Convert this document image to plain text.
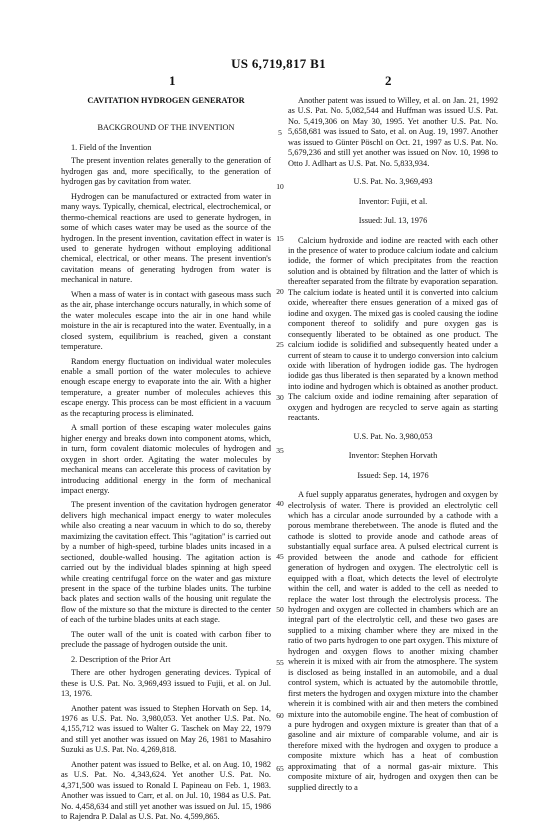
US 6,719,817 B1
1	2
CAVITATION HYDROGEN GENERATOR
BACKGROUND OF THE INVENTION
1. Field of the Invention

The present invention relates generally to the generation of hydrogen gas and, more specifically, to the generation of hydrogen gas by cavitation from water.

Hydrogen can be manufactured or extracted from water in many ways. Typically, chemical, electrical, electrochemical, or thermo-chemical reactions are used to generate hydrogen, in some of which cases water may be used as the source of the hydrogen. In the present invention, cavitation effect in water is used to generate hydrogen without employing additional chemical, electrical, or other means. The present invention's cavitation means of generating hydrogen from water is mechanical in nature.

When a mass of water is in contact with gaseous mass such as the air, phase interchange occurs naturally, in which some of the water molecules escape into the air in one hand while moisture in the air is recaptured into the water. Eventually, in a closed system, equilibrium is reached, given a constant temperature.

Random energy fluctuation on individual water molecules enable a small portion of the water molecules to achieve enough escape energy to evaporate into the air. With a higher temperature, a greater number of molecules achieves this escape energy. This process can be most efficient in a vacuum as the recapturing process is eliminated.

A small portion of these escaping water molecules gains higher energy and breaks down into component atoms, which, in turn, form covalent diatomic molecules of hydrogen and oxygen in short order. Agitating the water molecules by mechanical means can accelerate this process of cavitation by introducing additional energy in the form of mechanical impact energy.

The present invention of the cavitation hydrogen generator delivers high mechanical impact energy to water molecules while also creating a near vacuum in which to do so, thereby maximizing the cavitation effect. This "agitation" is carried out by a number of high-speed, turbine blades units incased in a sectioned, double-walled housing. The agitation action is carried out by the individual blades spinning at high speed while creating centrifugal force on the water and gas mixture present in the space of the turbine blades units. The turbine back plates and section walls of the housing unit regulate the flow of the mixture so that the mixture is directed to the center of each of the turbine blades units at each stage.

The outer wall of the unit is coated with carbon fiber to preclude the passage of hydrogen outside the unit.

2. Description of the Prior Art

There are other hydrogen generating devices. Typical of these is U.S. Pat. No. 3,969,493 issued to Fujii, et al. on Jul. 13, 1976.

Another patent was issued to Stephen Horvath on Sep. 14, 1976 as U.S. Pat. No. 3,980,053. Yet another U.S. Pat. No. 4,155,712 was issued to Walter G. Taschek on May 22, 1979 and still yet another was issued on May 26, 1981 to Masahiro Suzuki as U.S. Pat. No. 4,269,818.

Another patent was issued to Belke, et al. on Aug. 10, 1982 as U.S. Pat. No. 4,343,624. Yet another U.S. Pat. No. 4,371,500 was issued to Ronald I. Papineau on Feb. 1, 1983. Another was issued to Carr, et al. on Jul. 10, 1984 as U.S. Pat. No. 4,458,634 and still yet another was issued on Jul. 15, 1986 to Rajendra P. Dalal as U.S. Pat. No. 4,599,865.

Another patent was issued to Willey, et al. on Jan. 21, 1992 as U.S. Pat. No. 5,082,544 and Huffman was issued U.S. Pat. No. 5,419,306 on May 30, 1995. Yet another U.S. Pat. No. 5,658,681 was issued to Sato, et al. on Aug. 19, 1997. Another was issued to Günter Pöschl on Oct. 21, 1997 as U.S. Pat. No. 5,679,236 and still yet another was issued on Nov. 10, 1998 to Otto J. Adlhart as U.S. Pat. No. 5,833,934.

U.S. Pat. No. 3,969,493
Inventor: Fujii, et al.
Issued: Jul. 13, 1976

Calcium hydroxide and iodine are reacted with each other in the presence of water to produce calcium iodate and calcium iodide, the former of which precipitates from the reaction solution and is obtained by filtration and the latter of which is thereafter separated from the filtrate by evaporation separation. The calcium iodate is heated until it is converted into calcium oxide, whereafter there ensues generation of a mixed gas of iodine and oxygen. The mixed gas is cooled causing the iodine component thereof to solidify and pure oxygen gas is consequently liberated to be obtained as one product. The calcium iodide is solidified and subsequently heated under a current of steam to cause it to undergo conversion into calcium oxide with liberation of hydrogen iodide gas. The hydrogen iodide gas thus liberated is then separated by a known method into iodine and hydrogen which is obtained as another product. The calcium oxide and iodine remaining after separation of oxygen and hydrogen are recycled to serve again as starting reactants.

U.S. Pat. No. 3,980,053
Inventor: Stephen Horvath
Issued: Sep. 14, 1976

A fuel supply apparatus generates, hydrogen and oxygen by electrolysis of water. There is provided an electrolytic cell which has a circular anode surrounded by a cathode with a porous membrane therebetween. The anode is fluted and the cathode is slotted to provide anode and cathode areas of substantially equal surface area. A pulsed electrical current is provided between the anode and cathode for efficient generation of hydrogen and oxygen. The electrolytic cell is equipped with a float, which detects the level of electrolyte within the cell, and water is added to the cell as needed to replace the water lost through the electrolysis process. The hydrogen and oxygen are collected in chambers which are an integral part of the electrolytic cell, and these two gases are supplied to a mixing chamber where they are mixed in the ratio of two parts hydrogen to one part oxygen. This mixture of hydrogen and oxygen flows to another mixing chamber wherein it is mixed with air from the atmosphere. The system is disclosed as being installed in an automobile, and a dual control system, which is actuated by the automobile throttle, first meters the hydrogen and oxygen mixture into the chamber wherein it is combined with air and then meters the combined mixture into the automobile engine. The heat of combustion of a pure hydrogen and oxygen mixture is greater than that of a gasoline and air mixture of comparable volume, and air is therefore mixed with the hydrogen and oxygen to produce a composite mixture which has a heat of combustion approximating that of a normal gas-air mixture. This composite mixture of air, hydrogen and oxygen then can be supplied directly to a

5
10
15
20
25
30
35
40
45
50
55
60
65
